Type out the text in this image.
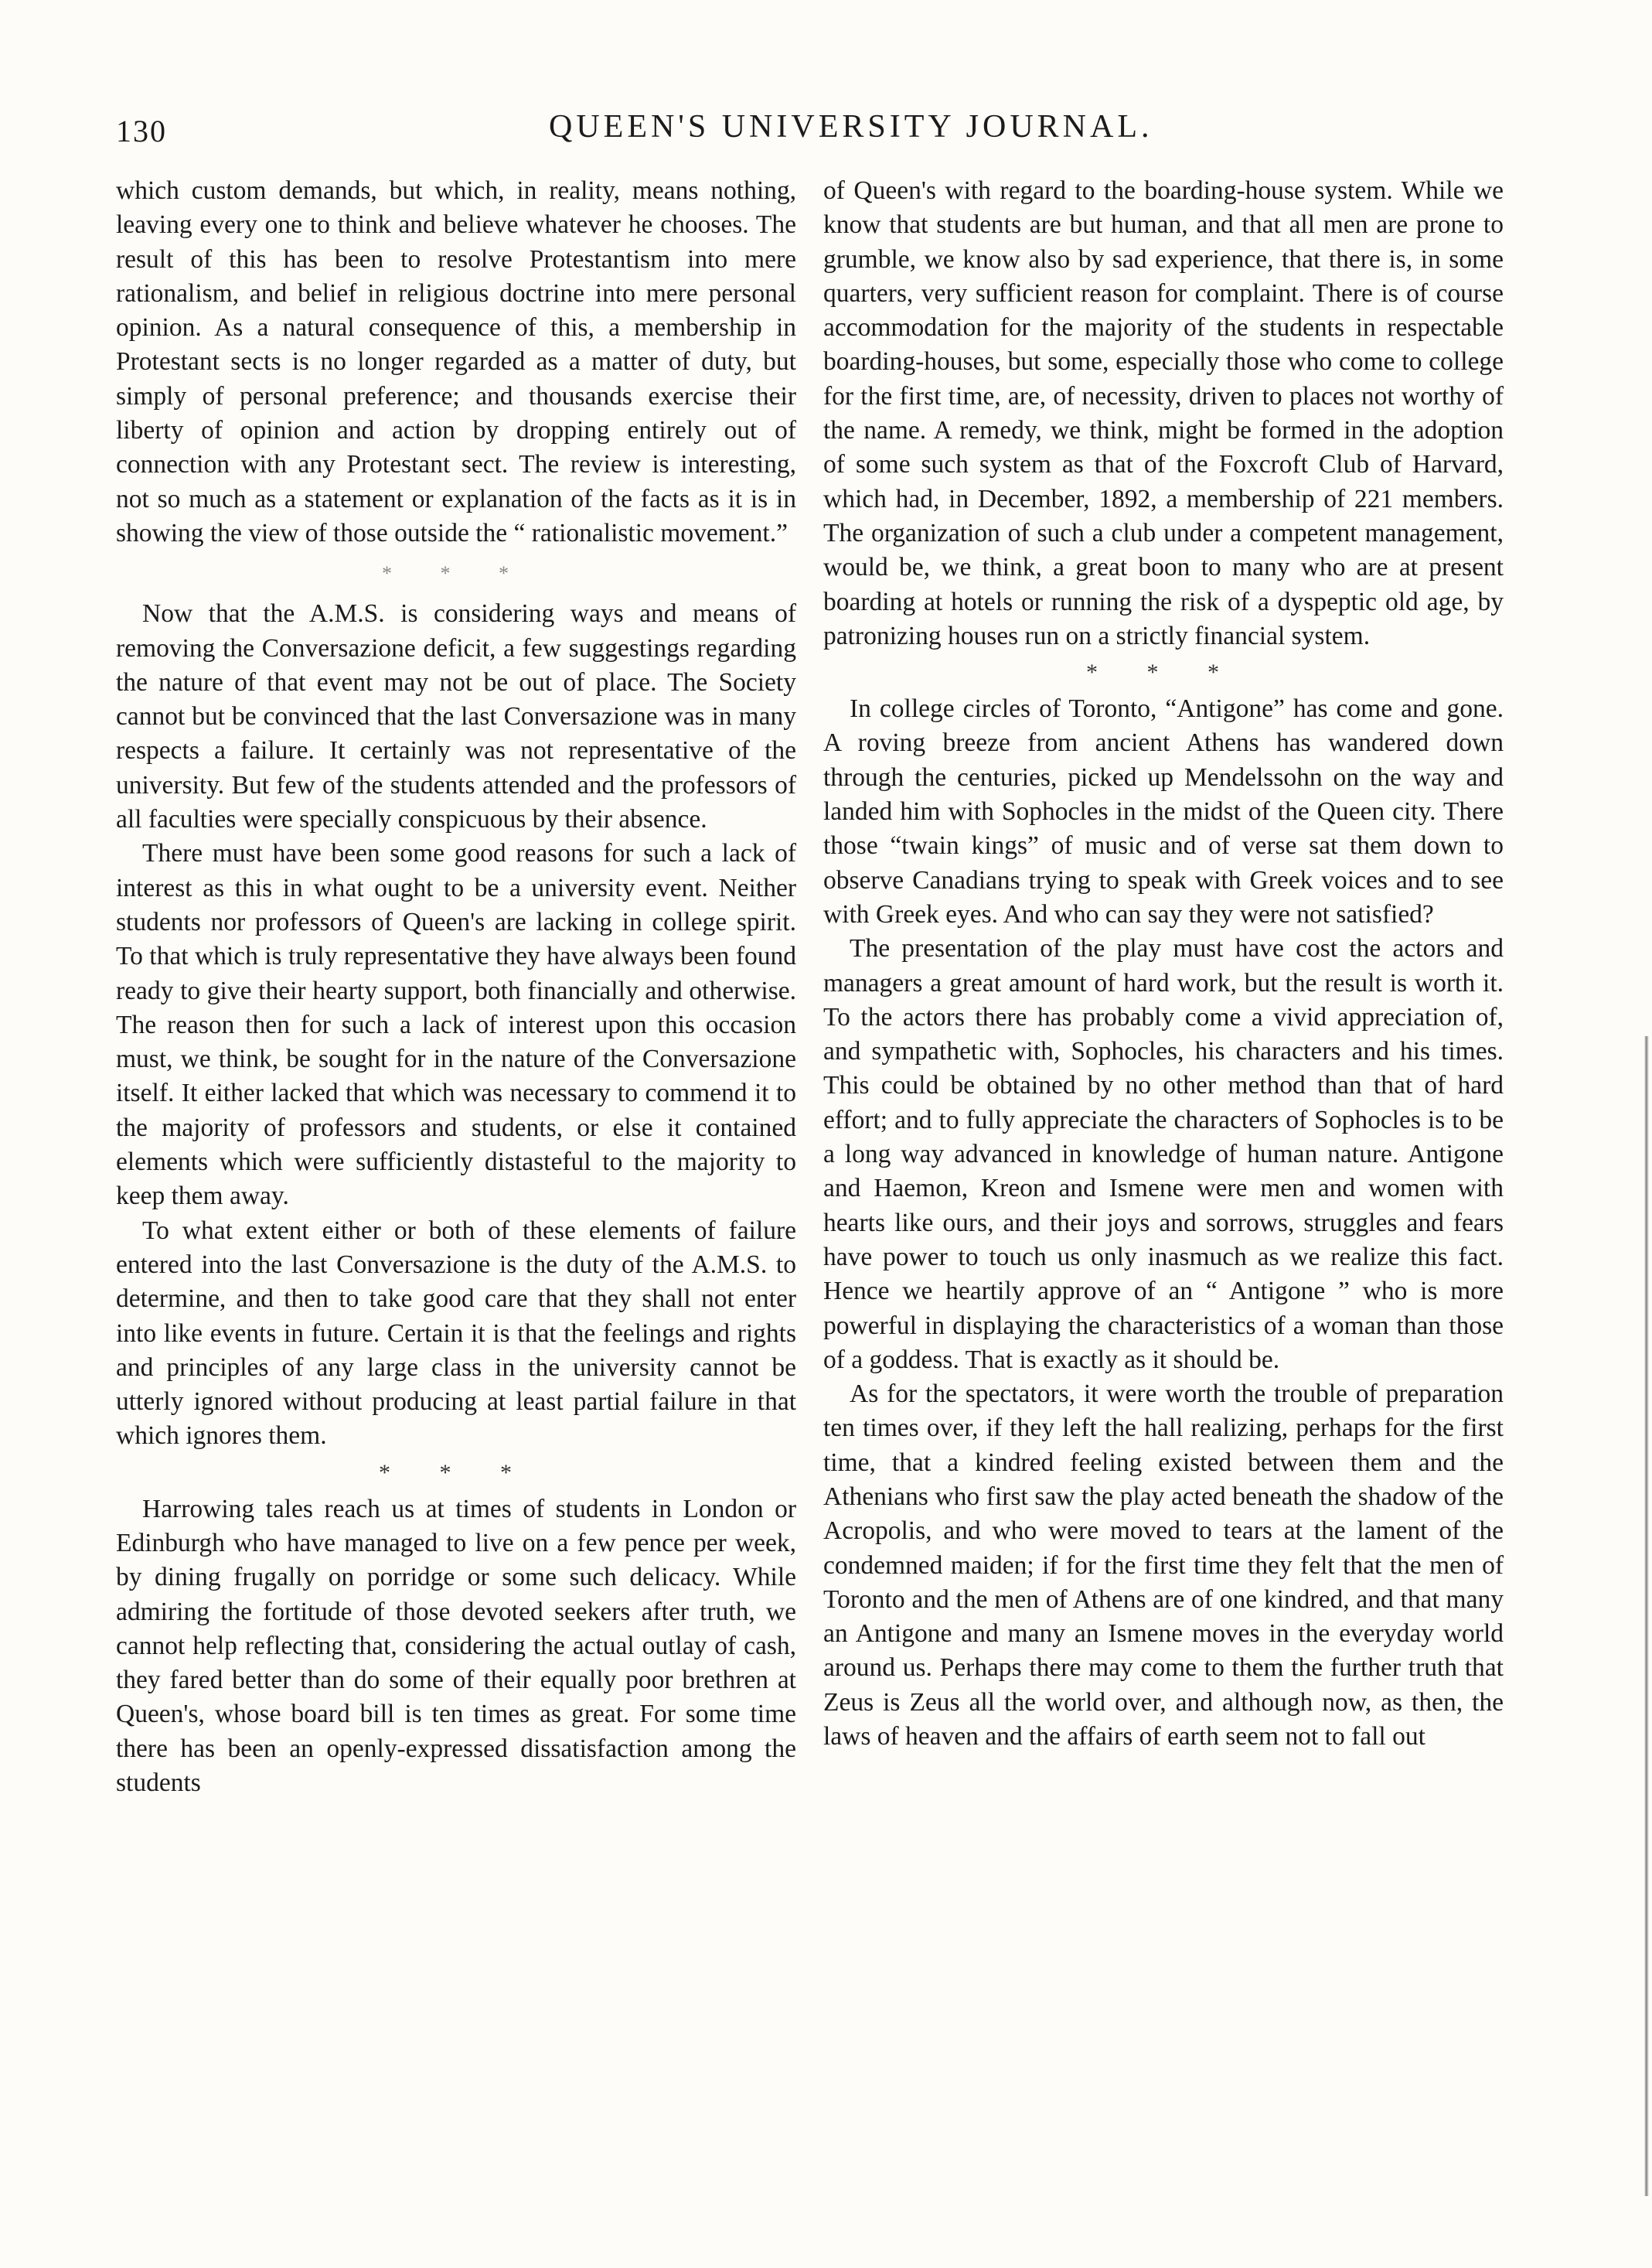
130	QUEEN'S UNIVERSITY JOURNAL.

which custom demands, but which, in reality, means nothing, leaving every one to think and believe whatever he chooses. The result of this has been to resolve Protestantism into mere rationalism, and belief in religious doctrine into mere personal opinion. As a natural consequence of this, a membership in Protestant sects is no longer regarded as a matter of duty, but simply of personal preference; and thousands exercise their liberty of opinion and action by dropping entirely out of connection with any Protestant sect. The review is interesting, not so much as a statement or explanation of the facts as it is in showing the view of those outside the “ rationalistic movement.”

* * *

Now that the A.M.S. is considering ways and means of removing the Conversazione deficit, a few suggestings regarding the nature of that event may not be out of place. The Society cannot but be convinced that the last Conversazione was in many respects a failure. It certainly was not representative of the university. But few of the students attended and the professors of all faculties were specially conspicuous by their absence.

There must have been some good reasons for such a lack of interest as this in what ought to be a university event. Neither students nor professors of Queen's are lacking in college spirit. To that which is truly representative they have always been found ready to give their hearty support, both financially and otherwise. The reason then for such a lack of interest upon this occasion must, we think, be sought for in the nature of the Conversazione itself. It either lacked that which was necessary to commend it to the majority of professors and students, or else it contained elements which were sufficiently distasteful to the majority to keep them away.

To what extent either or both of these elements of failure entered into the last Conversazione is the duty of the A.M.S. to determine, and then to take good care that they shall not enter into like events in future. Certain it is that the feelings and rights and principles of any large class in the university cannot be utterly ignored without producing at least partial failure in that which ignores them.

* * *

Harrowing tales reach us at times of students in London or Edinburgh who have managed to live on a few pence per week, by dining frugally on porridge or some such delicacy. While admiring the fortitude of those devoted seekers after truth, we cannot help reflecting that, considering the actual outlay of cash, they fared better than do some of their equally poor brethren at Queen's, whose board bill is ten times as great. For some time there has been an openly-expressed dissatisfaction among the students

of Queen's with regard to the boarding-house system. While we know that students are but human, and that all men are prone to grumble, we know also by sad experience, that there is, in some quarters, very sufficient reason for complaint. There is of course accommodation for the majority of the students in respectable boarding-houses, but some, especially those who come to college for the first time, are, of necessity, driven to places not worthy of the name. A remedy, we think, might be formed in the adoption of some such system as that of the Foxcroft Club of Harvard, which had, in December, 1892, a membership of 221 members. The organization of such a club under a competent management, would be, we think, a great boon to many who are at present boarding at hotels or running the risk of a dyspeptic old age, by patronizing houses run on a strictly financial system.

* * *

In college circles of Toronto, “Antigone” has come and gone. A roving breeze from ancient Athens has wandered down through the centuries, picked up Mendelssohn on the way and landed him with Sophocles in the midst of the Queen city. There those “twain kings” of music and of verse sat them down to observe Canadians trying to speak with Greek voices and to see with Greek eyes. And who can say they were not satisfied?

The presentation of the play must have cost the actors and managers a great amount of hard work, but the result is worth it. To the actors there has probably come a vivid appreciation of, and sympathetic with, Sophocles, his characters and his times. This could be obtained by no other method than that of hard effort; and to fully appreciate the characters of Sophocles is to be a long way advanced in knowledge of human nature. Antigone and Haemon, Kreon and Ismene were men and women with hearts like ours, and their joys and sorrows, struggles and fears have power to touch us only inasmuch as we realize this fact. Hence we heartily approve of an “ Antigone ” who is more powerful in displaying the characteristics of a woman than those of a goddess. That is exactly as it should be.

As for the spectators, it were worth the trouble of preparation ten times over, if they left the hall realizing, perhaps for the first time, that a kindred feeling existed between them and the Athenians who first saw the play acted beneath the shadow of the Acropolis, and who were moved to tears at the lament of the condemned maiden; if for the first time they felt that the men of Toronto and the men of Athens are of one kindred, and that many an Antigone and many an Ismene moves in the everyday world around us. Perhaps there may come to them the further truth that Zeus is Zeus all the world over, and although now, as then, the laws of heaven and the affairs of earth seem not to fall out
